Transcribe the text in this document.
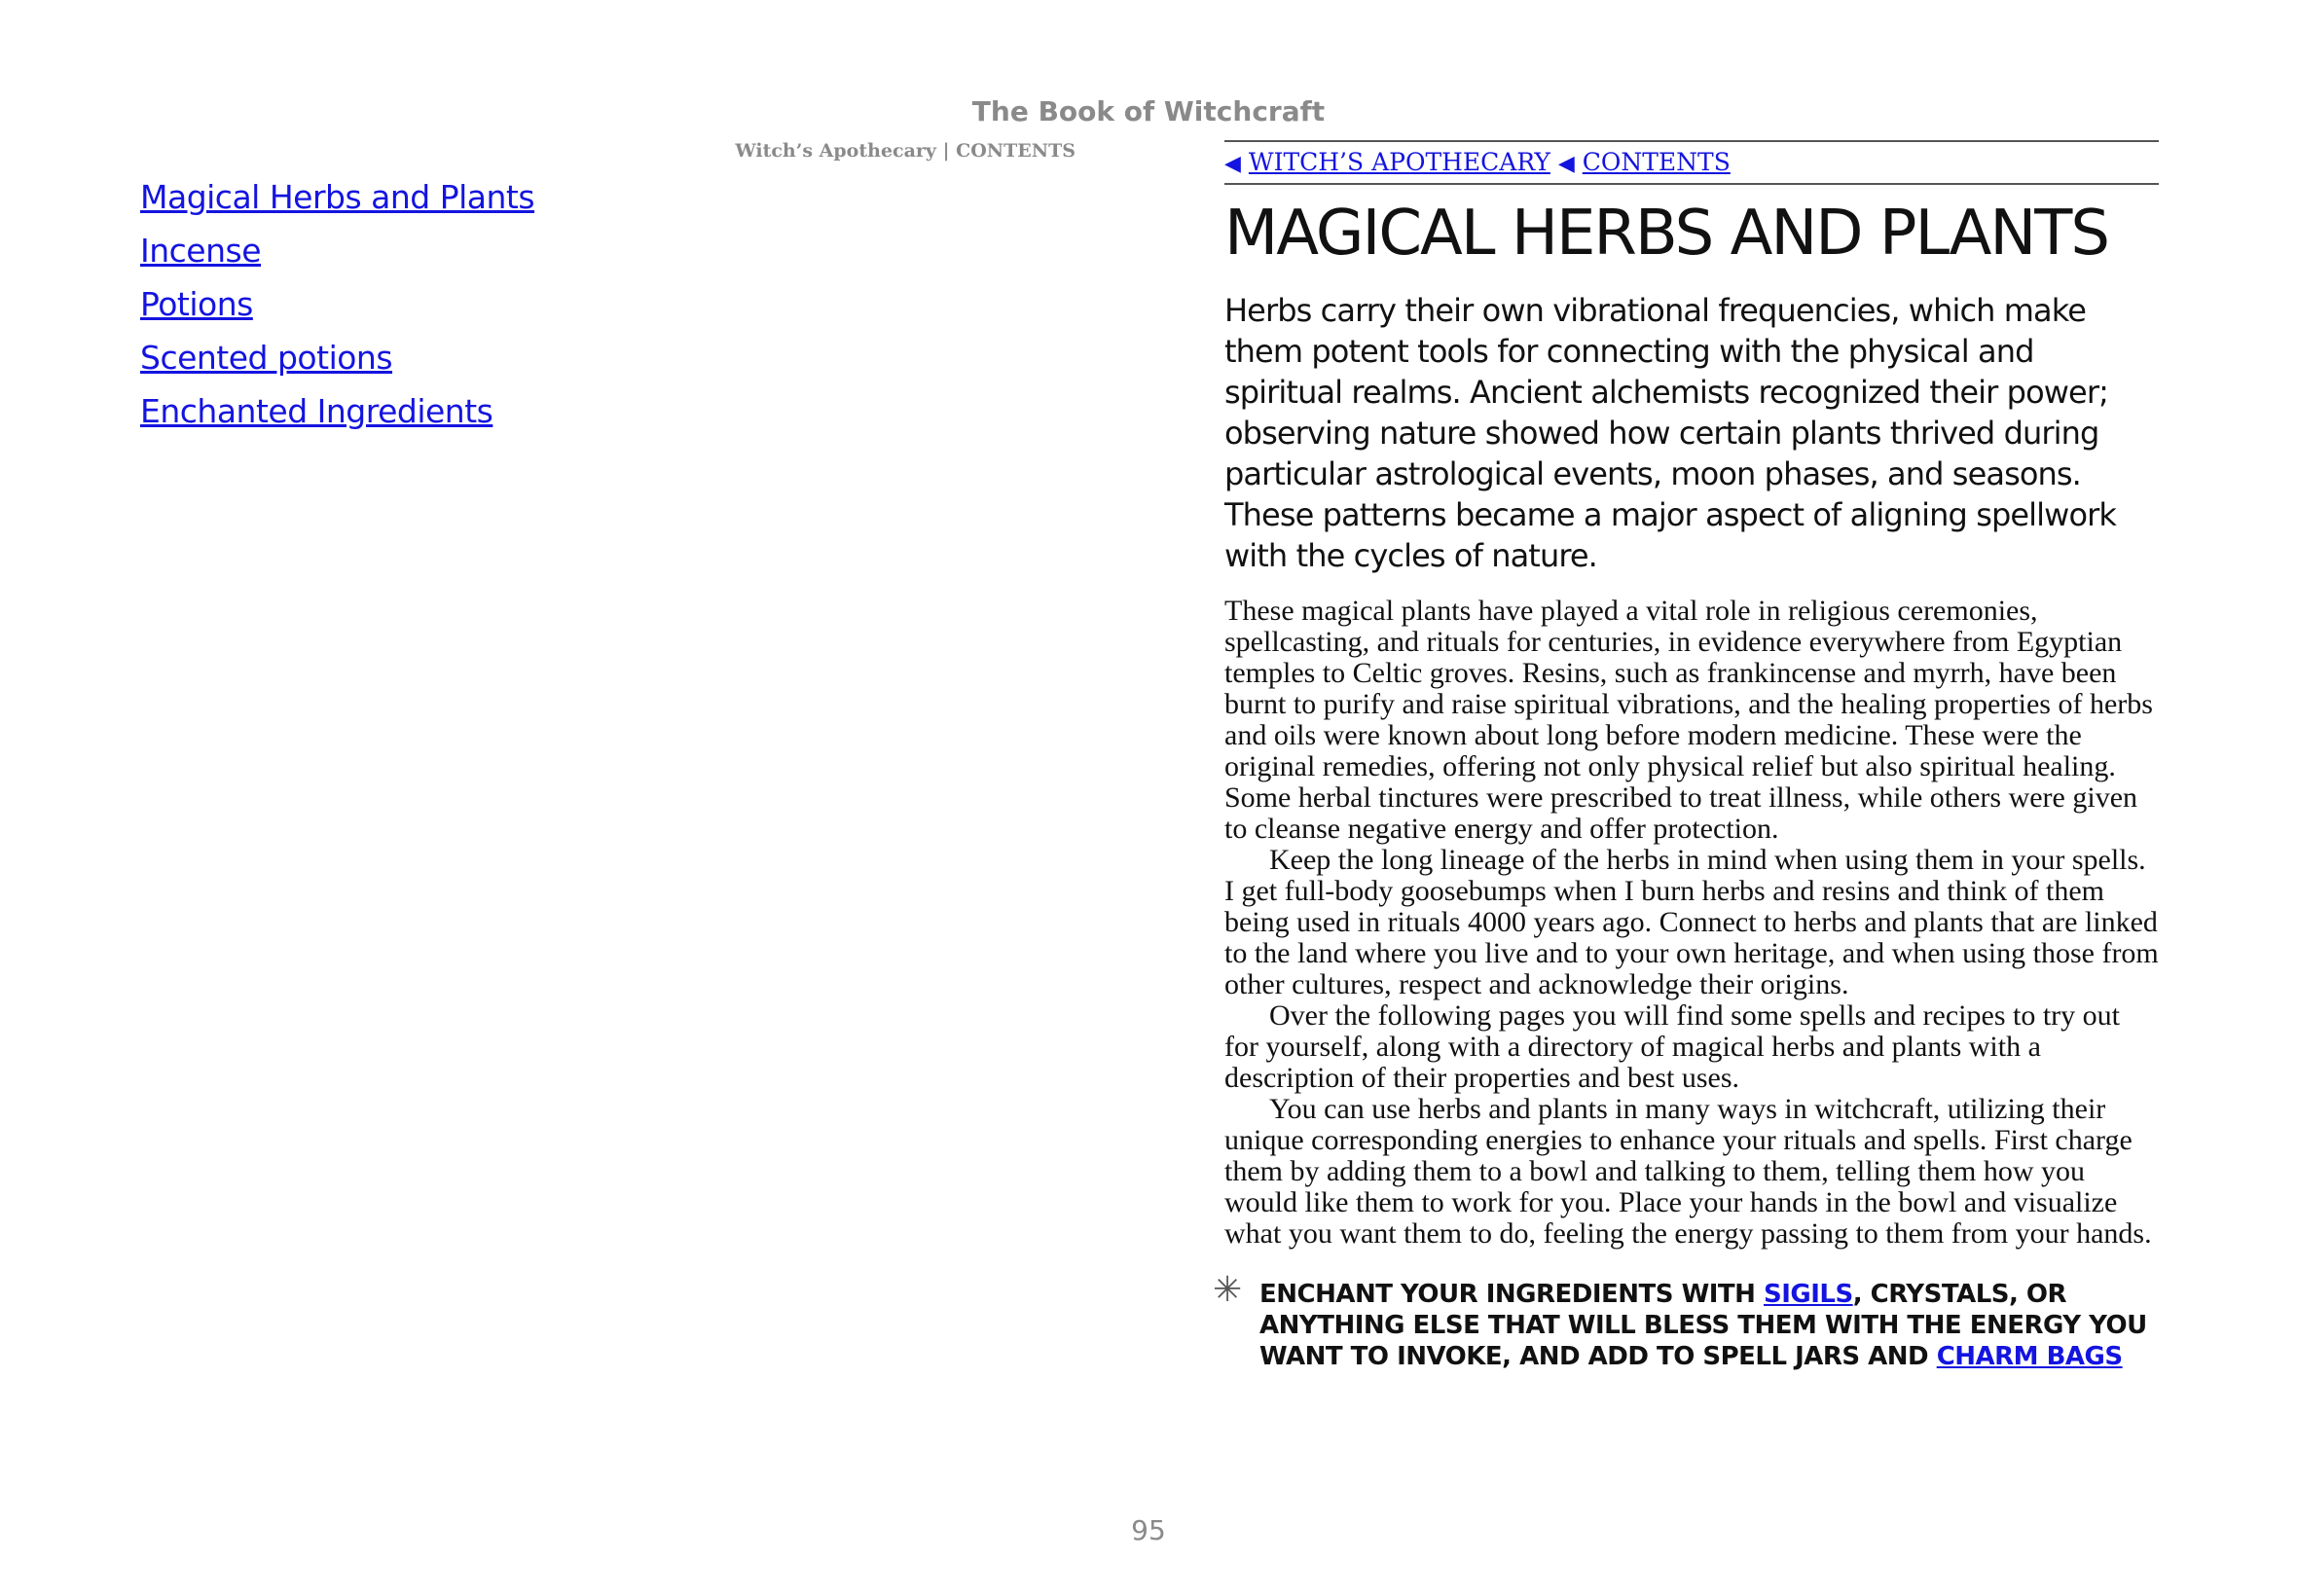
The Book of Witchcraft
Witch’s Apothecary | CONTENTS
Magical Herbs and Plants
Incense
Potions
Scented potions
Enchanted Ingredients
◀ WITCH’S APOTHECARY ◀ CONTENTS
MAGICAL HERBS AND PLANTS

Herbs carry their own vibrational frequencies, which make them potent tools for connecting with the physical and spiritual realms. Ancient alchemists recognized their power; observing nature showed how certain plants thrived during particular astrological events, moon phases, and seasons. These patterns became a major aspect of aligning spellwork with the cycles of nature.

These magical plants have played a vital role in religious ceremonies, spellcasting, and rituals for centuries, in evidence everywhere from Egyptian temples to Celtic groves. Resins, such as frankincense and myrrh, have been burnt to purify and raise spiritual vibrations, and the healing properties of herbs and oils were known about long before modern medicine. These were the original remedies, offering not only physical relief but also spiritual healing. Some herbal tinctures were prescribed to treat illness, while others were given to cleanse negative energy and offer protection.

Keep the long lineage of the herbs in mind when using them in your spells. I get full-body goosebumps when I burn herbs and resins and think of them being used in rituals 4000 years ago. Connect to herbs and plants that are linked to the land where you live and to your own heritage, and when using those from other cultures, respect and acknowledge their origins.

Over the following pages you will find some spells and recipes to try out for yourself, along with a directory of magical herbs and plants with a description of their properties and best uses.

You can use herbs and plants in many ways in witchcraft, utilizing their unique corresponding energies to enhance your rituals and spells. First charge them by adding them to a bowl and talking to them, telling them how you would like them to work for you. Place your hands in the bowl and visualize what you want them to do, feeling the energy passing to them from your hands.

✳ ENCHANT YOUR INGREDIENTS WITH SIGILS, CRYSTALS, OR ANYTHING ELSE THAT WILL BLESS THEM WITH THE ENERGY YOU WANT TO INVOKE, AND ADD TO SPELL JARS AND CHARM BAGS
95
